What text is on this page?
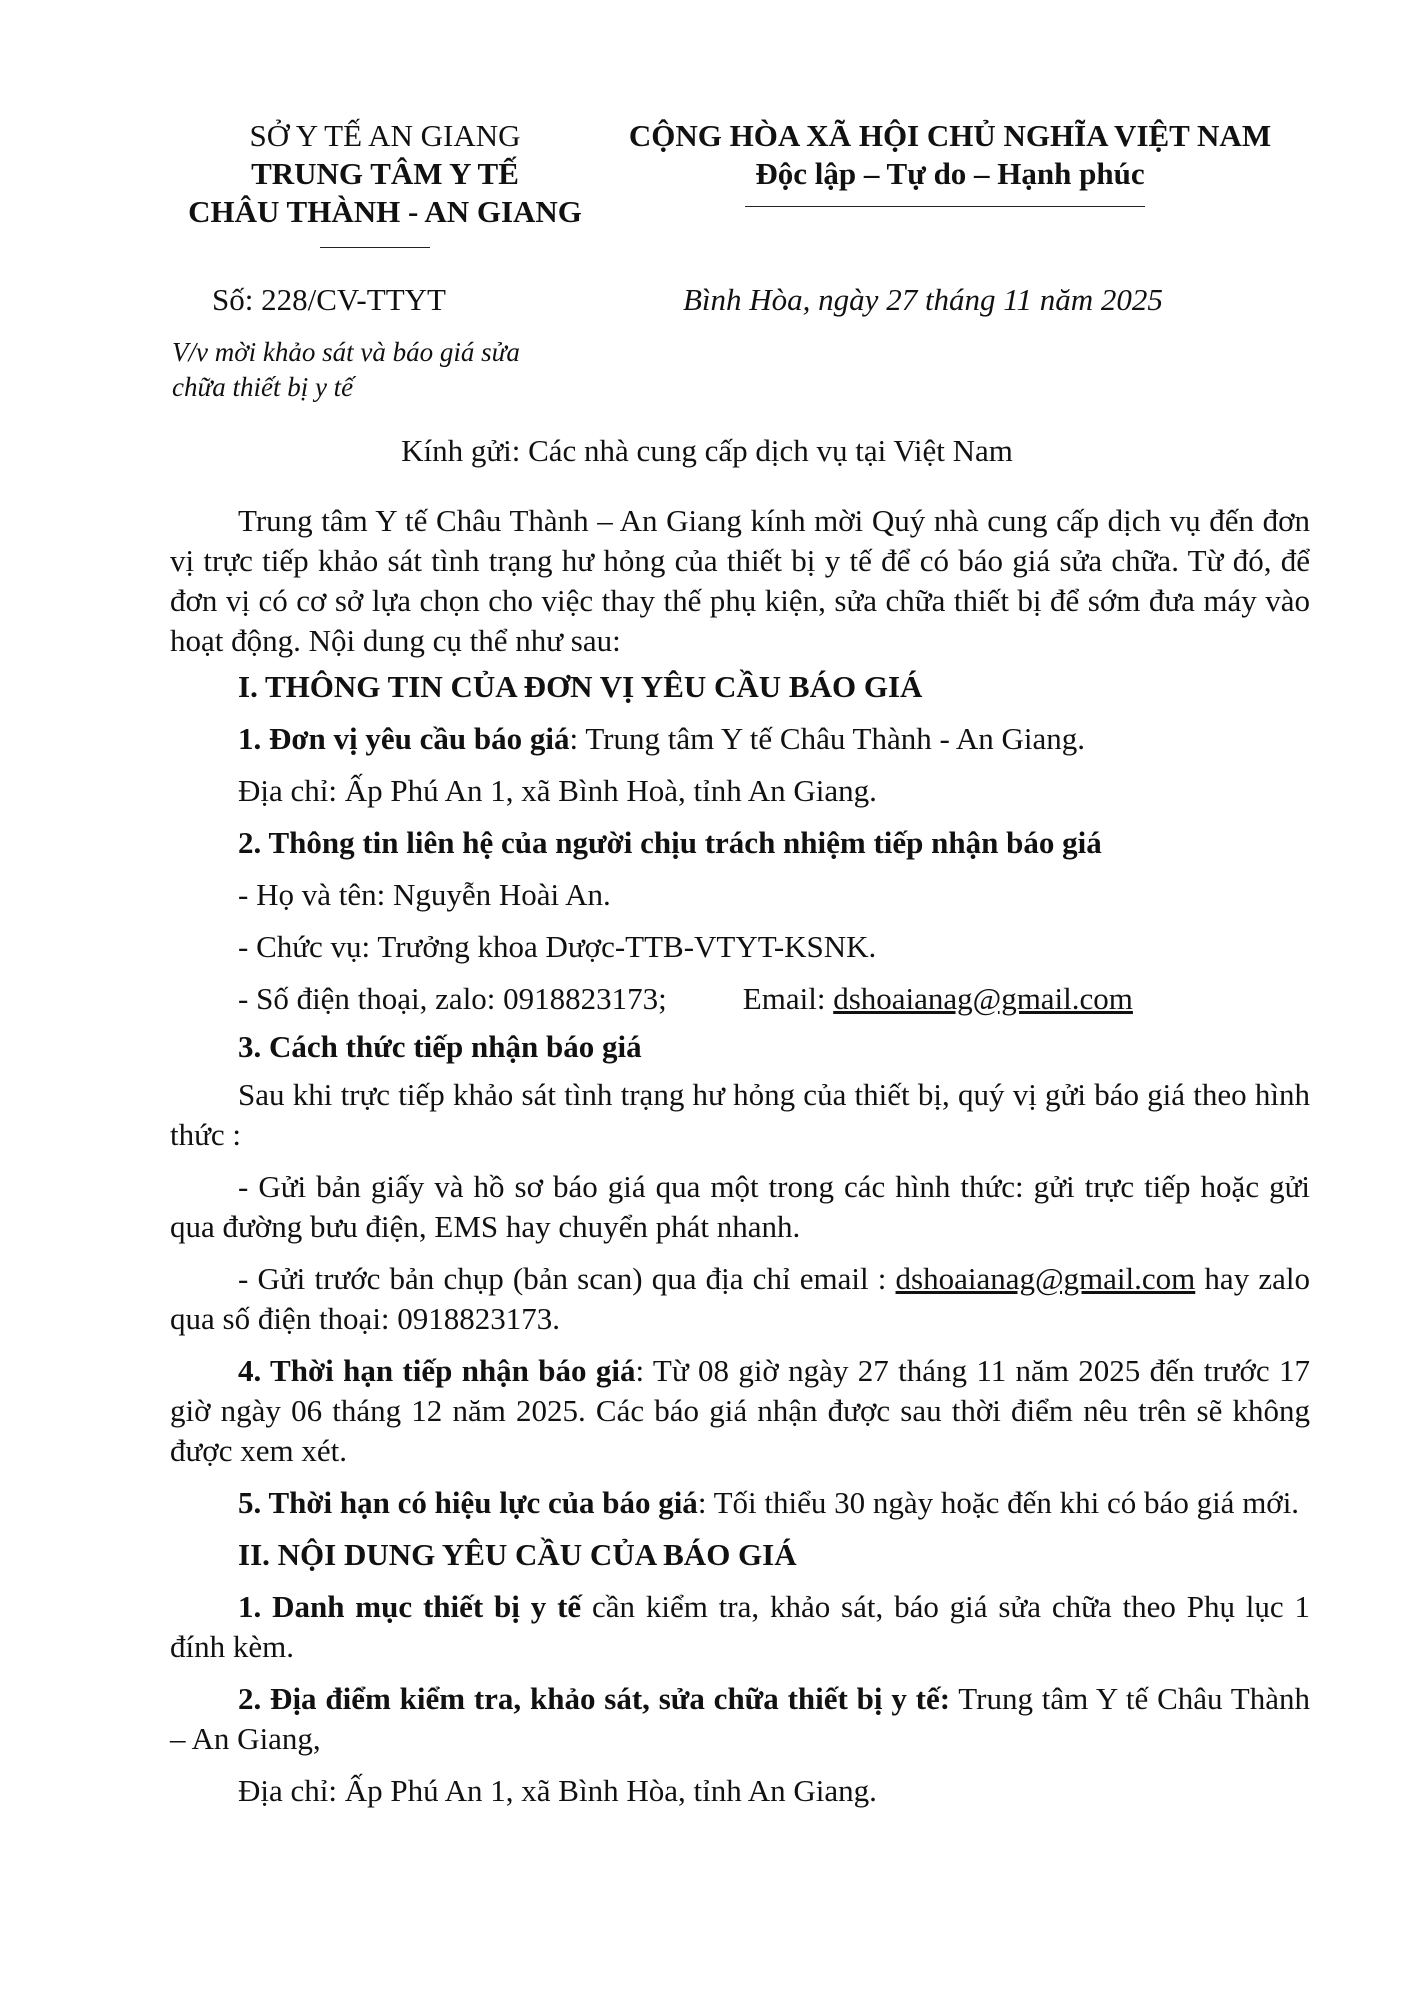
SỞ Y TẾ AN GIANG
TRUNG TÂM Y TẾ
CHÂU THÀNH - AN GIANG
CỘNG HÒA XÃ HỘI CHỦ NGHĨA VIỆT NAM
Độc lập – Tự do – Hạnh phúc
Số: 228/CV-TTYT	Bình Hòa, ngày 27 tháng 11 năm 2025
V/v mời khảo sát và báo giá sửa
chữa thiết bị y tế
Kính gửi: Các nhà cung cấp dịch vụ tại Việt Nam

Trung tâm Y tế Châu Thành – An Giang kính mời Quý nhà cung cấp dịch vụ đến đơn vị trực tiếp khảo sát tình trạng hư hỏng của thiết bị y tế để có báo giá sửa chữa. Từ đó, để đơn vị có cơ sở lựa chọn cho việc thay thế phụ kiện, sửa chữa thiết bị để sớm đưa máy vào hoạt động. Nội dung cụ thể như sau:

I. THÔNG TIN CỦA ĐƠN VỊ YÊU CẦU BÁO GIÁ

1. Đơn vị yêu cầu báo giá: Trung tâm Y tế Châu Thành - An Giang.

Địa chỉ: Ấp Phú An 1, xã Bình Hoà, tỉnh An Giang.

2. Thông tin liên hệ của người chịu trách nhiệm tiếp nhận báo giá

- Họ và tên: Nguyễn Hoài An.

- Chức vụ: Trưởng khoa Dược-TTB-VTYT-KSNK.

- Số điện thoại, zalo: 0918823173; Email: dshoaianag@gmail.com

3. Cách thức tiếp nhận báo giá

Sau khi trực tiếp khảo sát tình trạng hư hỏng của thiết bị, quý vị gửi báo giá theo hình thức :

- Gửi bản giấy và hồ sơ báo giá qua một trong các hình thức: gửi trực tiếp hoặc gửi qua đường bưu điện, EMS hay chuyển phát nhanh.

- Gửi trước bản chụp (bản scan) qua địa chỉ email : dshoaianag@gmail.com hay zalo qua số điện thoại: 0918823173.

4. Thời hạn tiếp nhận báo giá: Từ 08 giờ ngày 27 tháng 11 năm 2025 đến trước 17 giờ ngày 06 tháng 12 năm 2025. Các báo giá nhận được sau thời điểm nêu trên sẽ không được xem xét.

5. Thời hạn có hiệu lực của báo giá: Tối thiểu 30 ngày hoặc đến khi có báo giá mới.

II. NỘI DUNG YÊU CẦU CỦA BÁO GIÁ

1. Danh mục thiết bị y tế cần kiểm tra, khảo sát, báo giá sửa chữa theo Phụ lục 1 đính kèm.

2. Địa điểm kiểm tra, khảo sát, sửa chữa thiết bị y tế: Trung tâm Y tế Châu Thành – An Giang,

Địa chỉ: Ấp Phú An 1, xã Bình Hòa, tỉnh An Giang.
